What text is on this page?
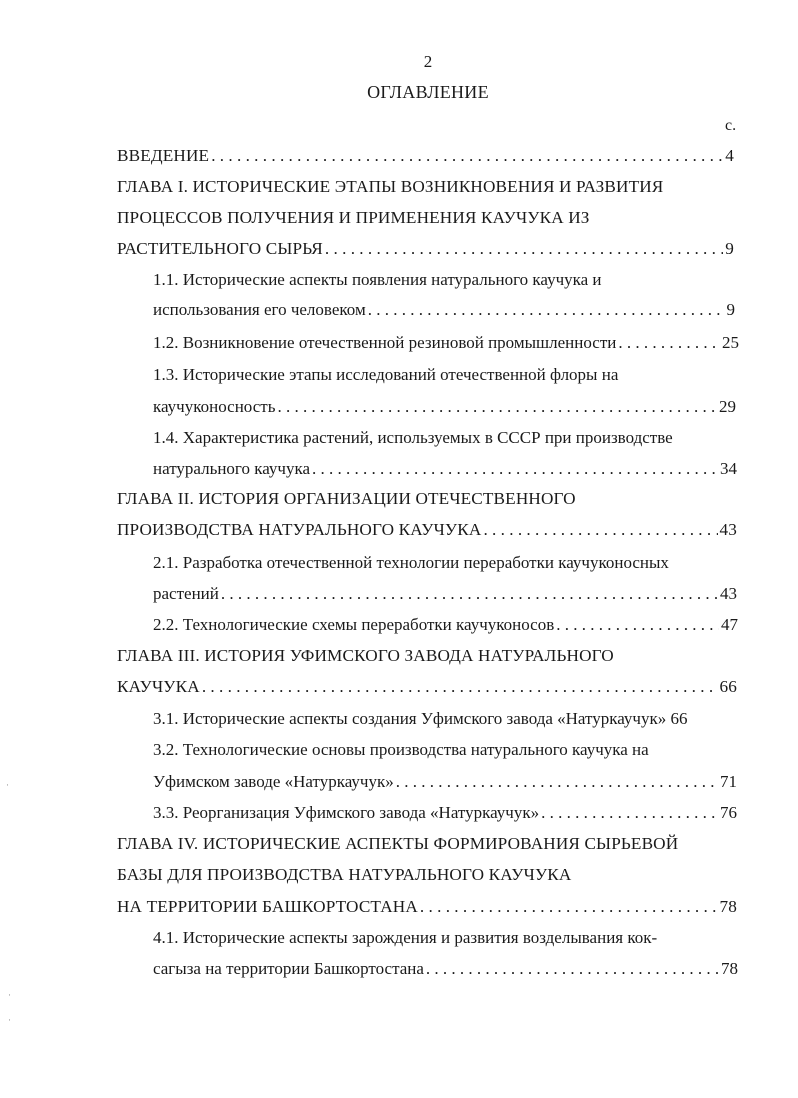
2
ОГЛАВЛЕНИЕ
с.
ВВЕДЕНИЕ . . .	4
ГЛАВА I. ИСТОРИЧЕСКИЕ ЭТАПЫ ВОЗНИКНОВЕНИЯ И РАЗВИТИЯ
ПРОЦЕССОВ ПОЛУЧЕНИЯ И ПРИМЕНЕНИЯ КАУЧУКА ИЗ
РАСТИТЕЛЬНОГО СЫРЬЯ . . .	9
1.1. Исторические аспекты появления натурального каучука и
использования его человеком . . .	9
1.2. Возникновение отечественной резиновой промышленности . . .	25
1.3. Исторические этапы исследований отечественной флоры на
каучуконосность . . .	29
1.4. Характеристика растений, используемых в СССР при производстве
натурального каучука . . .	34
ГЛАВА II. ИСТОРИЯ ОРГАНИЗАЦИИ ОТЕЧЕСТВЕННОГО
ПРОИЗВОДСТВА НАТУРАЛЬНОГО КАУЧУКА . . .	43
2.1. Разработка отечественной технологии переработки каучуконосных
растений . . .	43
2.2. Технологические схемы переработки каучуконосов . . .	47
ГЛАВА III. ИСТОРИЯ УФИМСКОГО ЗАВОДА НАТУРАЛЬНОГО
КАУЧУКА . . .	66
3.1. Исторические аспекты создания Уфимского завода «Натуркаучук» 66
3.2. Технологические основы производства натурального каучука на
Уфимском заводе «Натуркаучук» . . .	71
3.3. Реорганизация Уфимского завода «Натуркаучук» . . .	76
ГЛАВА IV. ИСТОРИЧЕСКИЕ АСПЕКТЫ ФОРМИРОВАНИЯ СЫРЬЕВОЙ
БАЗЫ ДЛЯ ПРОИЗВОДСТВА НАТУРАЛЬНОГО КАУЧУКА
НА ТЕРРИТОРИИ БАШКОРТОСТАНА . . .	78
4.1. Исторические аспекты зарождения и развития возделывания кок-
сагыза на территории Башкортостана . . .	78
·
·
·
